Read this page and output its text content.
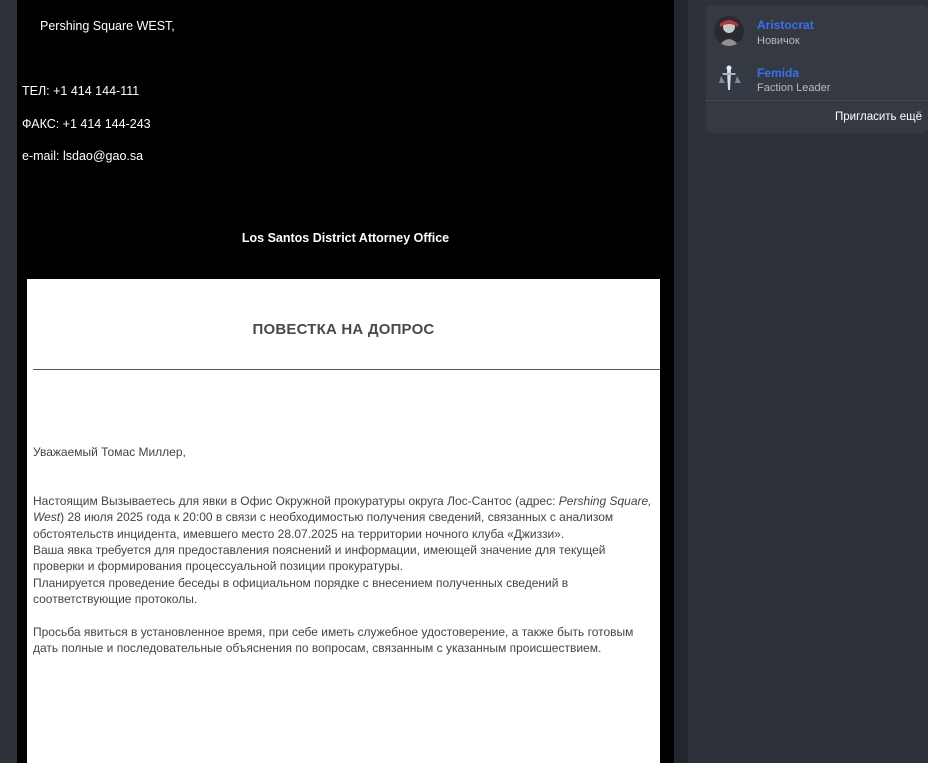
Pershing Square WEST,
ТЕЛ: +1 414 144-111
ФАКС: +1 414 144-243
e-mail: lsdao@gao.sa
Los Santos District Attorney Office
ПОВЕСТКА НА ДОПРОС
Уважаемый Томас Миллер,
Настоящим Вызываетесь для явки в Офис Окружной прокуратуры округа Лос-Сантос (адрес: Pershing Square, West) 28 июля 2025 года к 20:00 в связи с необходимостью получения сведений, связанных с анализом обстоятельств инцидента, имевшего место 28.07.2025 на территории ночного клуба «Джиззи».
Ваша явка требуется для предоставления пояснений и информации, имеющей значение для текущей проверки и формирования процессуальной позиции прокуратуры.
Планируется проведение беседы в официальном порядке с внесением полученных сведений в соответствующие протоколы.
Просьба явиться в установленное время, при себе иметь служебное удостоверение, а также быть готовым дать полные и последовательные объяснения по вопросам, связанным с указанным происшествием.
Aristocrat
Новичок
Femida
Faction Leader
Пригласить ещё
